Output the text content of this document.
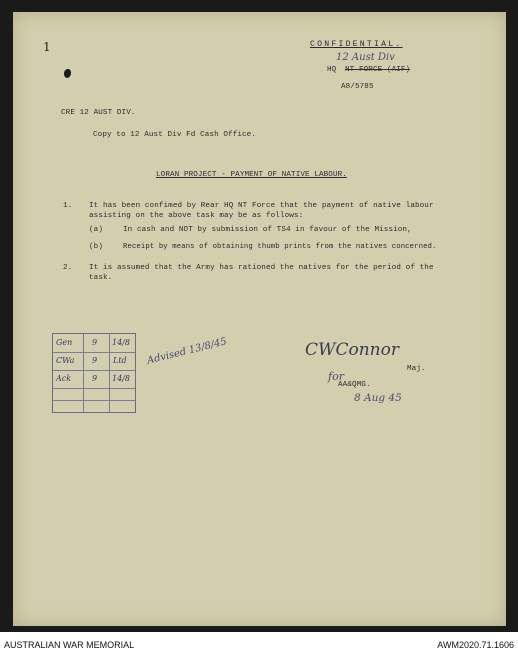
1	CONFIDENTIAL.
12 Aust Div
HQ NT FORCE (AIF)
A8/5785
CRE 12 AUST DIV.
Copy to 12 Aust Div Fd Cash Office.
LORAN PROJECT - PAYMENT OF NATIVE LABOUR.
1. It has been confimed by Rear HQ NT Force that the payment of native labour
assisting on the above task may be as follows:
(a)	In cash and NOT by submission of TS4 in favour of the Mission,
(b)	Receipt by means of obtaining thumb prints from the natives concerned.
2. It is assumed that the Army has rationed the natives for the period of the
task.
Gen 9 14/8
CWa 9 Ltd
Ack	9 14/8
Advised 13/8/45	CWConnor
Maj.
for
AA&QMG.
8 Aug 45
AUSTRALIAN WAR MEMORIAL	AWM2020.71.1606
